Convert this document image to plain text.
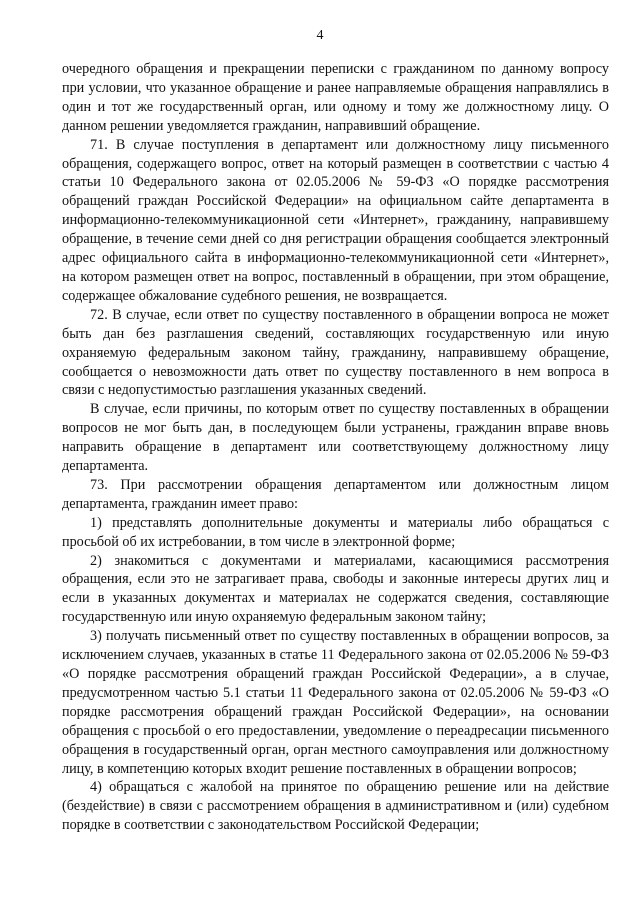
4

очередного обращения и прекращении переписки с гражданином по данному вопросу при условии, что указанное обращение и ранее направляемые обращения направлялись в один и тот же государственный орган, или одному и тому же должностному лицу. О данном решении уведомляется гражданин, направивший обращение.

71. В случае поступления в департамент или должностному лицу письменного обращения, содержащего вопрос, ответ на который размещен в соответствии с частью 4 статьи 10 Федерального закона от 02.05.2006 № 59-ФЗ «О порядке рассмотрения обращений граждан Российской Федерации» на официальном сайте департамента в информационно-телекоммуникационной сети «Интернет», гражданину, направившему обращение, в течение семи дней со дня регистрации обращения сообщается электронный адрес официального сайта в информационно-телекоммуникационной сети «Интернет», на котором размещен ответ на вопрос, поставленный в обращении, при этом обращение, содержащее обжалование судебного решения, не возвращается.

72. В случае, если ответ по существу поставленного в обращении вопроса не может быть дан без разглашения сведений, составляющих государственную или иную охраняемую федеральным законом тайну, гражданину, направившему обращение, сообщается о невозможности дать ответ по существу поставленного в нем вопроса в связи с недопустимостью разглашения указанных сведений.

В случае, если причины, по которым ответ по существу поставленных в обращении вопросов не мог быть дан, в последующем были устранены, гражданин вправе вновь направить обращение в департамент или соответствующему должностному лицу департамента.

73. При рассмотрении обращения департаментом или должностным лицом департамента, гражданин имеет право:

1) представлять дополнительные документы и материалы либо обращаться с просьбой об их истребовании, в том числе в электронной форме;

2) знакомиться с документами и материалами, касающимися рассмотрения обращения, если это не затрагивает права, свободы и законные интересы других лиц и если в указанных документах и материалах не содержатся сведения, составляющие государственную или иную охраняемую федеральным законом тайну;

3) получать письменный ответ по существу поставленных в обращении вопросов, за исключением случаев, указанных в статье 11 Федерального закона от 02.05.2006 № 59-ФЗ «О порядке рассмотрения обращений граждан Российской Федерации», а в случае, предусмотренном частью 5.1 статьи 11 Федерального закона от 02.05.2006 № 59-ФЗ «О порядке рассмотрения обращений граждан Российской Федерации», на основании обращения с просьбой о его предоставлении, уведомление о переадресации письменного обращения в государственный орган, орган местного самоуправления или должностному лицу, в компетенцию которых входит решение поставленных в обращении вопросов;

4) обращаться с жалобой на принятое по обращению решение или на действие (бездействие) в связи с рассмотрением обращения в административном и (или) судебном порядке в соответствии с законодательством Российской Федерации;
